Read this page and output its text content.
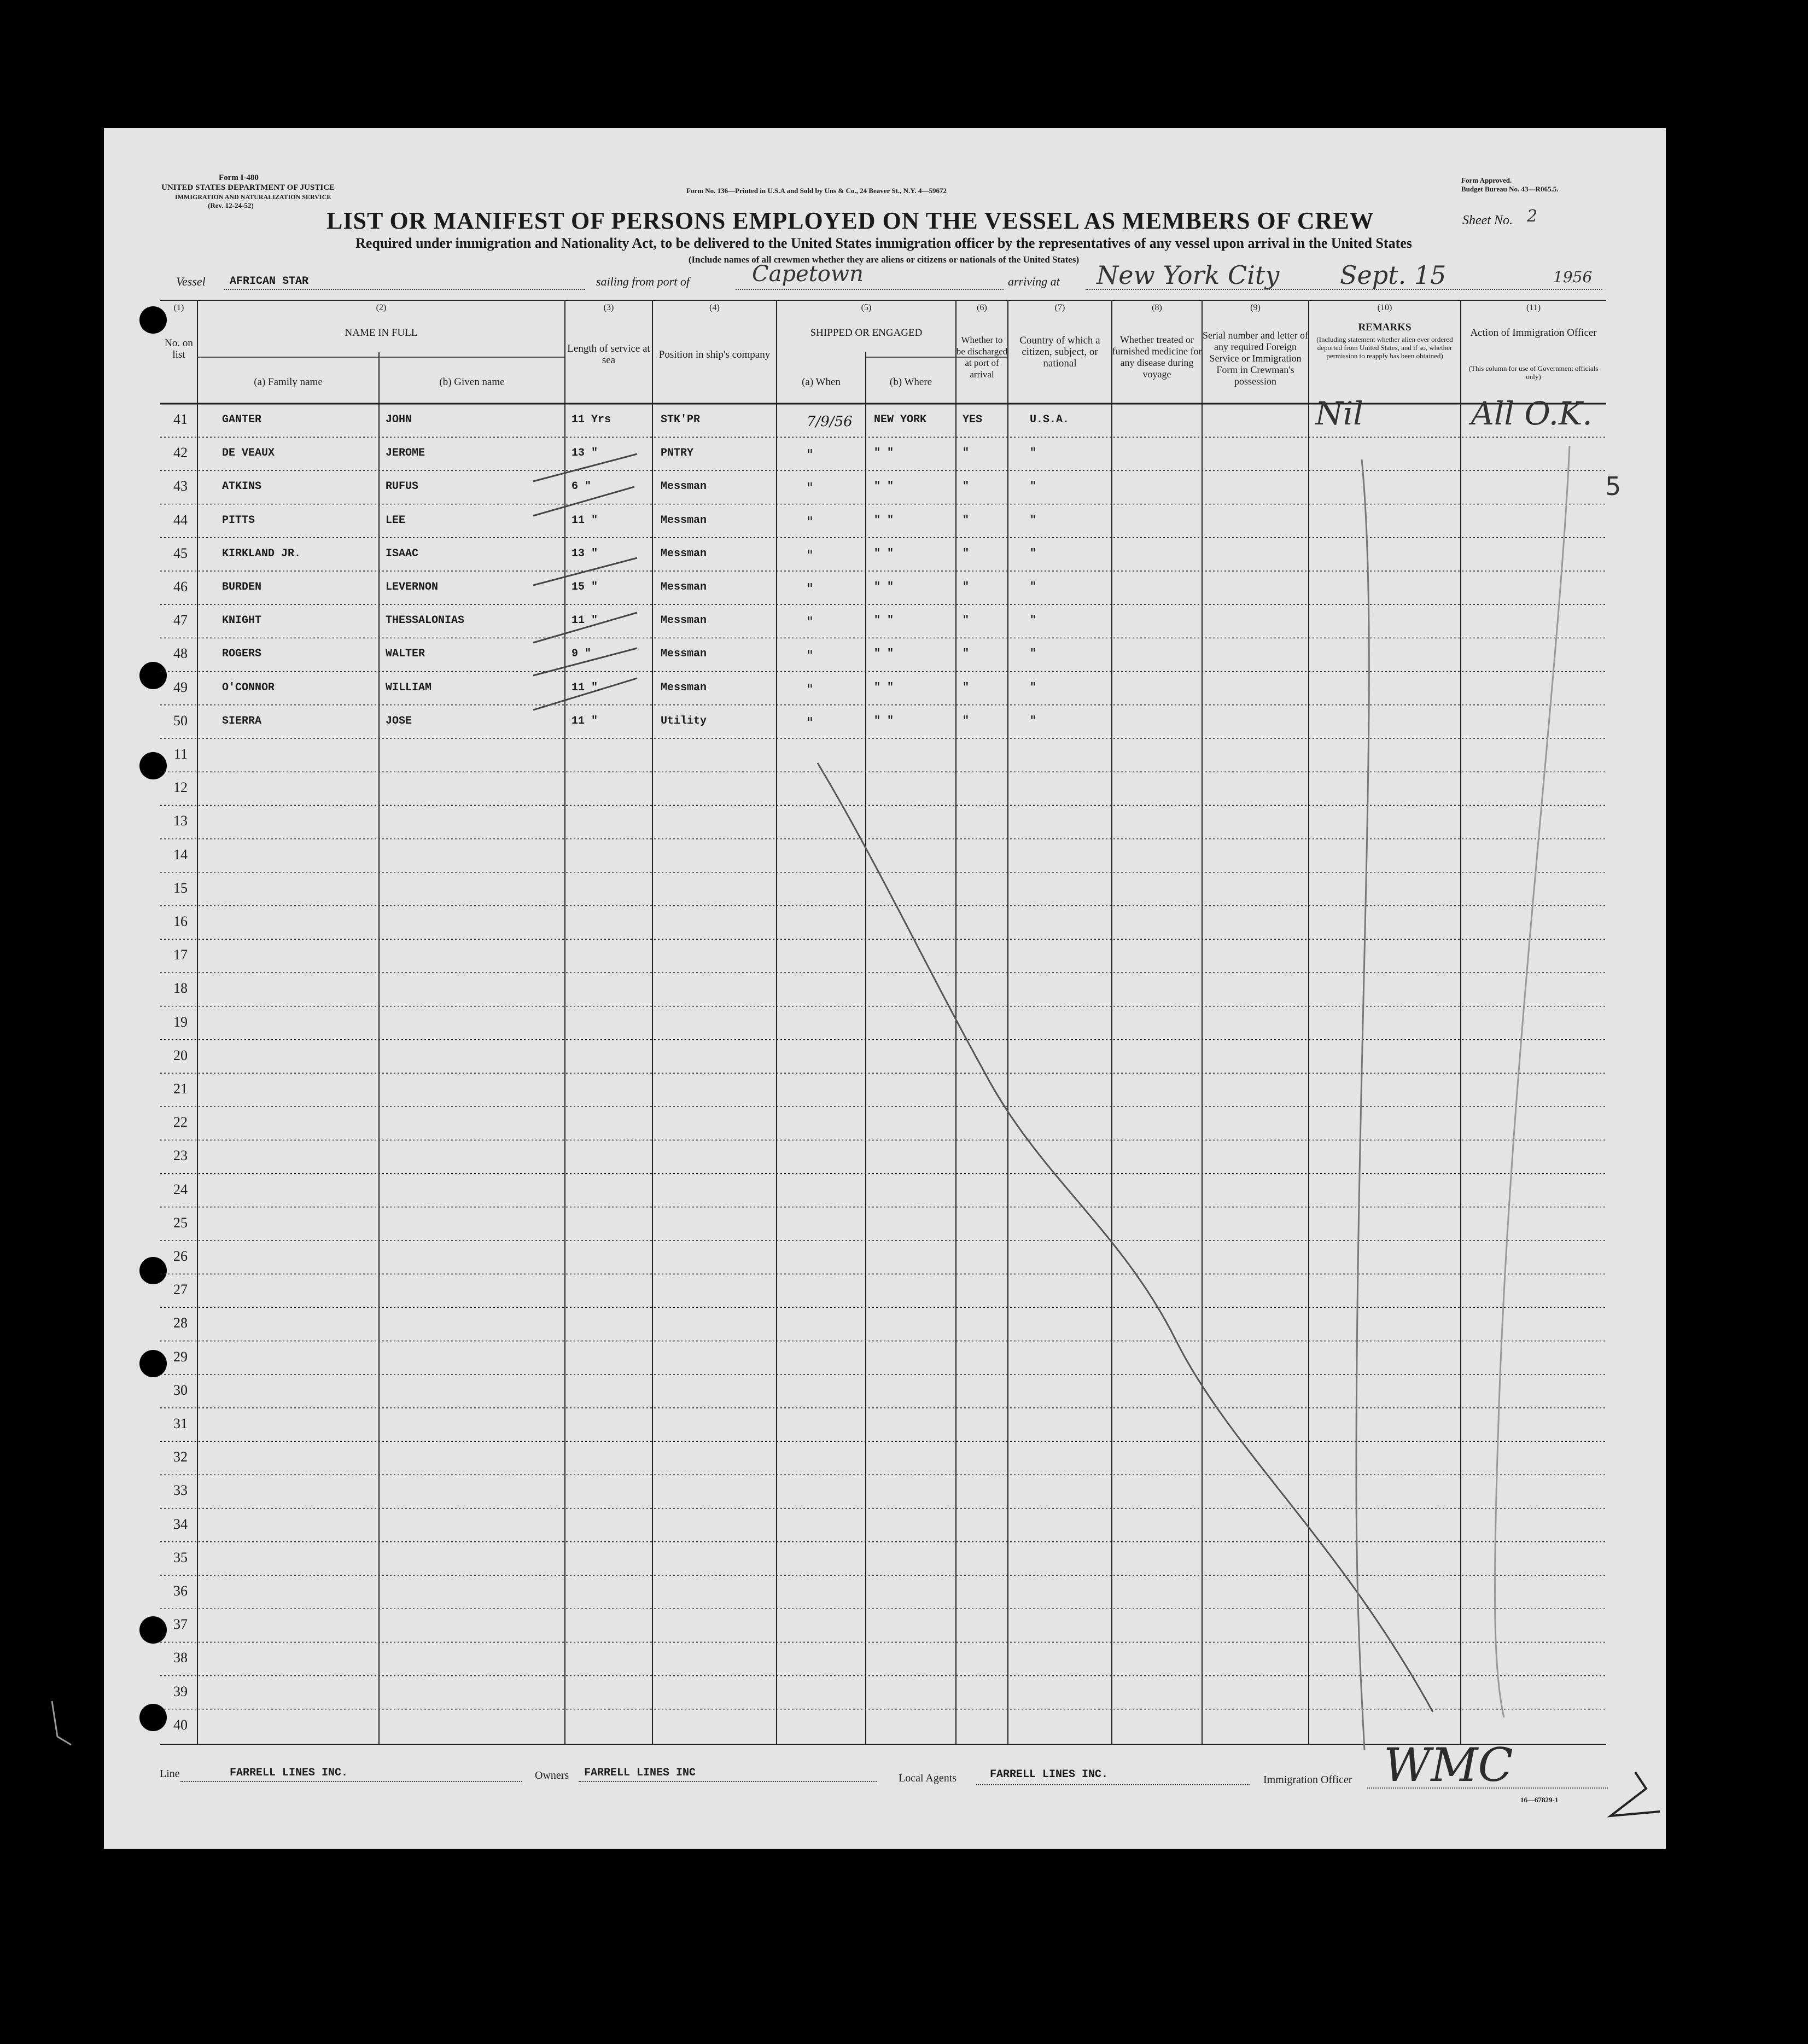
Form I-480
UNITED STATES DEPARTMENT OF JUSTICE
IMMIGRATION AND NATURALIZATION SERVICE
(Rev. 12-24-52)
Form No. 136—Printed in U.S.A and Sold by Uns & Co., 24 Beaver St., N.Y. 4—59672
Form Approved.
Budget Bureau No. 43—R065.5.
LIST OR MANIFEST OF PERSONS EMPLOYED ON THE VESSEL AS MEMBERS OF CREW	Sheet No. 2
Required under immigration and Nationality Act, to be delivered to the United States immigration officer by the representatives of any vessel upon arrival in the United States
(Include names of all crewmen whether they are aliens or citizens or nationals of the United States)
Vessel AFRICAN STAR	sailing from port of	Capetown	arriving at New York City Sept. 15	1956
(1)	(2)	(3)	(4)	(5)	(6)	(7)	(8)	(9)	(10)	(11)
No. on list
NAME IN FULL
(a) Family name	(b) Given name
Length of service at sea	Position in ship's company
SHIPPED OR ENGAGED
(a) When	(b) Where
Whether to be discharged at port of arrival
Country of which a citizen, subject, or national
Whether treated or furnished medicine for any disease during voyage
Serial number and letter of any required Foreign Service or Immigration Form in Crewman's possession
REMARKS
(Including statement whether alien ever ordered deported from United States, and if so, whether permission to reapply has been obtained)
Action of Immigration Officer
(This column for use of Government officials only)
41	GANTER	JOHN	11 Yrs	STK'PR	7/9/56 NEW YORK	YES	U.S.A.
42	DE VEAUX	JEROME	13 "	PNTRY	"	" "	"	"
43	ATKINS	RUFUS	6 "	Messman	"	" "	"	"
44	PITTS	LEE	11 "	Messman	"	" "	"	"
45	KIRKLAND JR.	ISAAC	13 "	Messman	"	" "	"	"
46	BURDEN	LEVERNON	15 "	Messman	"	" "	"	"
47	KNIGHT	THESSALONIAS	11 "	Messman	"	" "	"	"
48	ROGERS	WALTER	9 "	Messman	"	" "	"	"
49	O'CONNOR	WILLIAM	11 "	Messman	"	" "	"	"
50	SIERRA	JOSE	11 "	Utility	"	" "	"	"
11
12
13
14
15
16
17
18
19
20
21
22
23
24
25
26
27
28
29
30
31
32
33
34
35
36
37
38
39
40
Nil	All O.K.
5
Line	FARRELL LINES INC.	Owners FARRELL LINES INC	Local Agents	FARRELL LINES INC.	Immigration Officer WMC
16—67829-1
